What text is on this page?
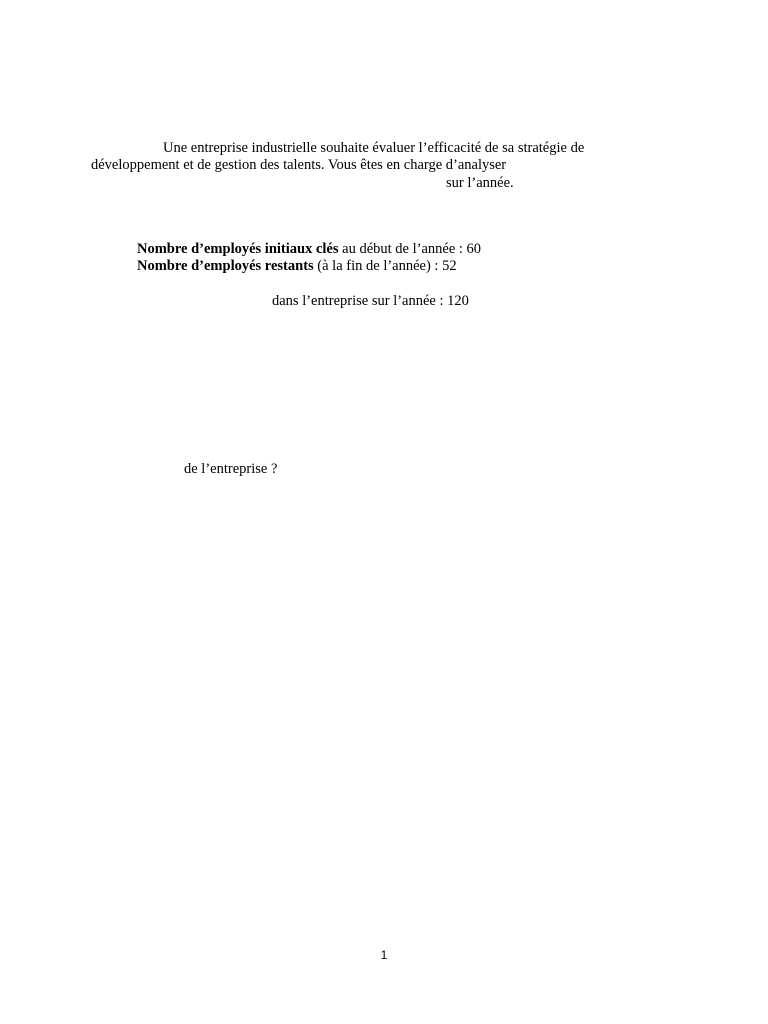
Une entreprise industrielle souhaite évaluer l’efficacité de sa stratégie de
développement et de gestion des talents. Vous êtes en charge d’analyser
sur l’année.
Nombre d’employés initiaux clés au début de l’année : 60
Nombre d’employés restants (à la fin de l’année) : 52
dans l’entreprise sur l’année : 120
de l’entreprise ?
1
